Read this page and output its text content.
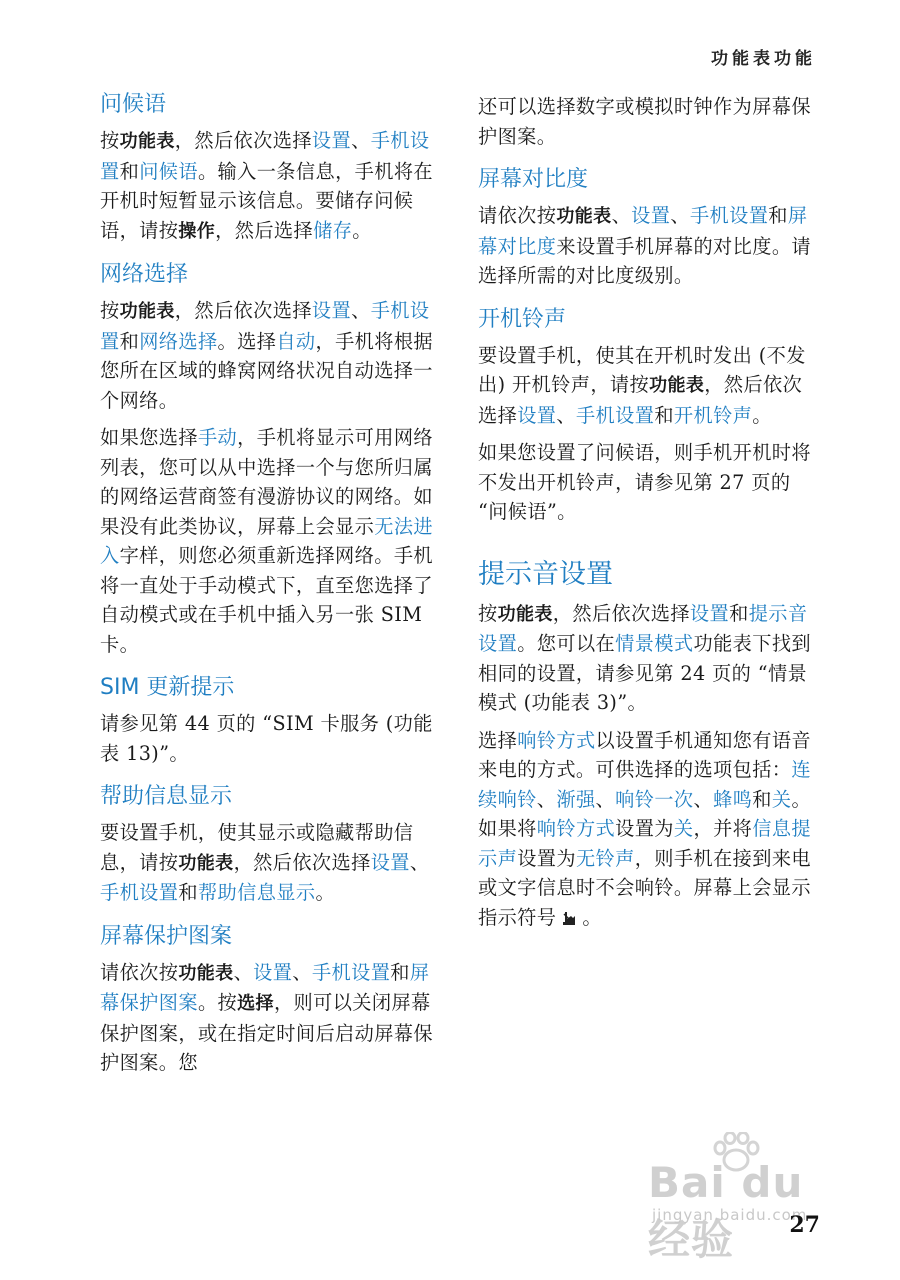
功能表功能
问候语

按功能表，然后依次选择设置、手机设置和问候语。输入一条信息，手机将在开机时短暂显示该信息。要储存问候语，请按操作，然后选择储存。

网络选择

按功能表，然后依次选择设置、手机设置和网络选择。选择自动，手机将根据您所在区域的蜂窝网络状况自动选择一个网络。

如果您选择手动，手机将显示可用网络列表，您可以从中选择一个与您所归属的网络运营商签有漫游协议的网络。如果没有此类协议，屏幕上会显示无法进入字样，则您必须重新选择网络。手机将一直处于手动模式下，直至您选择了自动模式或在手机中插入另一张 SIM 卡。

SIM 更新提示

请参见第 44 页的 “SIM 卡服务 (功能表 13)”。

帮助信息显示

要设置手机，使其显示或隐藏帮助信息，请按功能表，然后依次选择设置、手机设置和帮助信息显示。

屏幕保护图案

请依次按功能表、设置、手机设置和屏幕保护图案。按选择，则可以关闭屏幕保护图案，或在指定时间后启动屏幕保护图案。您

还可以选择数字或模拟时钟作为屏幕保护图案。

屏幕对比度

请依次按功能表、设置、手机设置和屏幕对比度来设置手机屏幕的对比度。请选择所需的对比度级别。

开机铃声

要设置手机，使其在开机时发出 (不发出) 开机铃声，请按功能表，然后依次选择设置、手机设置和开机铃声。

如果您设置了问候语，则手机开机时将不发出开机铃声，请参见第 27 页的 “问候语”。

提示音设置

按功能表，然后依次选择设置和提示音设置。您可以在情景模式功能表下找到相同的设置，请参见第 24 页的 “情景模式 (功能表 3)”。

选择响铃方式以设置手机通知您有语音来电的方式。可供选择的选项包括：连续响铃、渐强、响铃一次、蜂鸣和关。如果将响铃方式设置为关，并将信息提示声设置为无铃声，则手机在接到来电或文字信息时不会响铃。屏幕上会显示指示符号 。

Bai du 经验
jingyan.baidu.com
27
